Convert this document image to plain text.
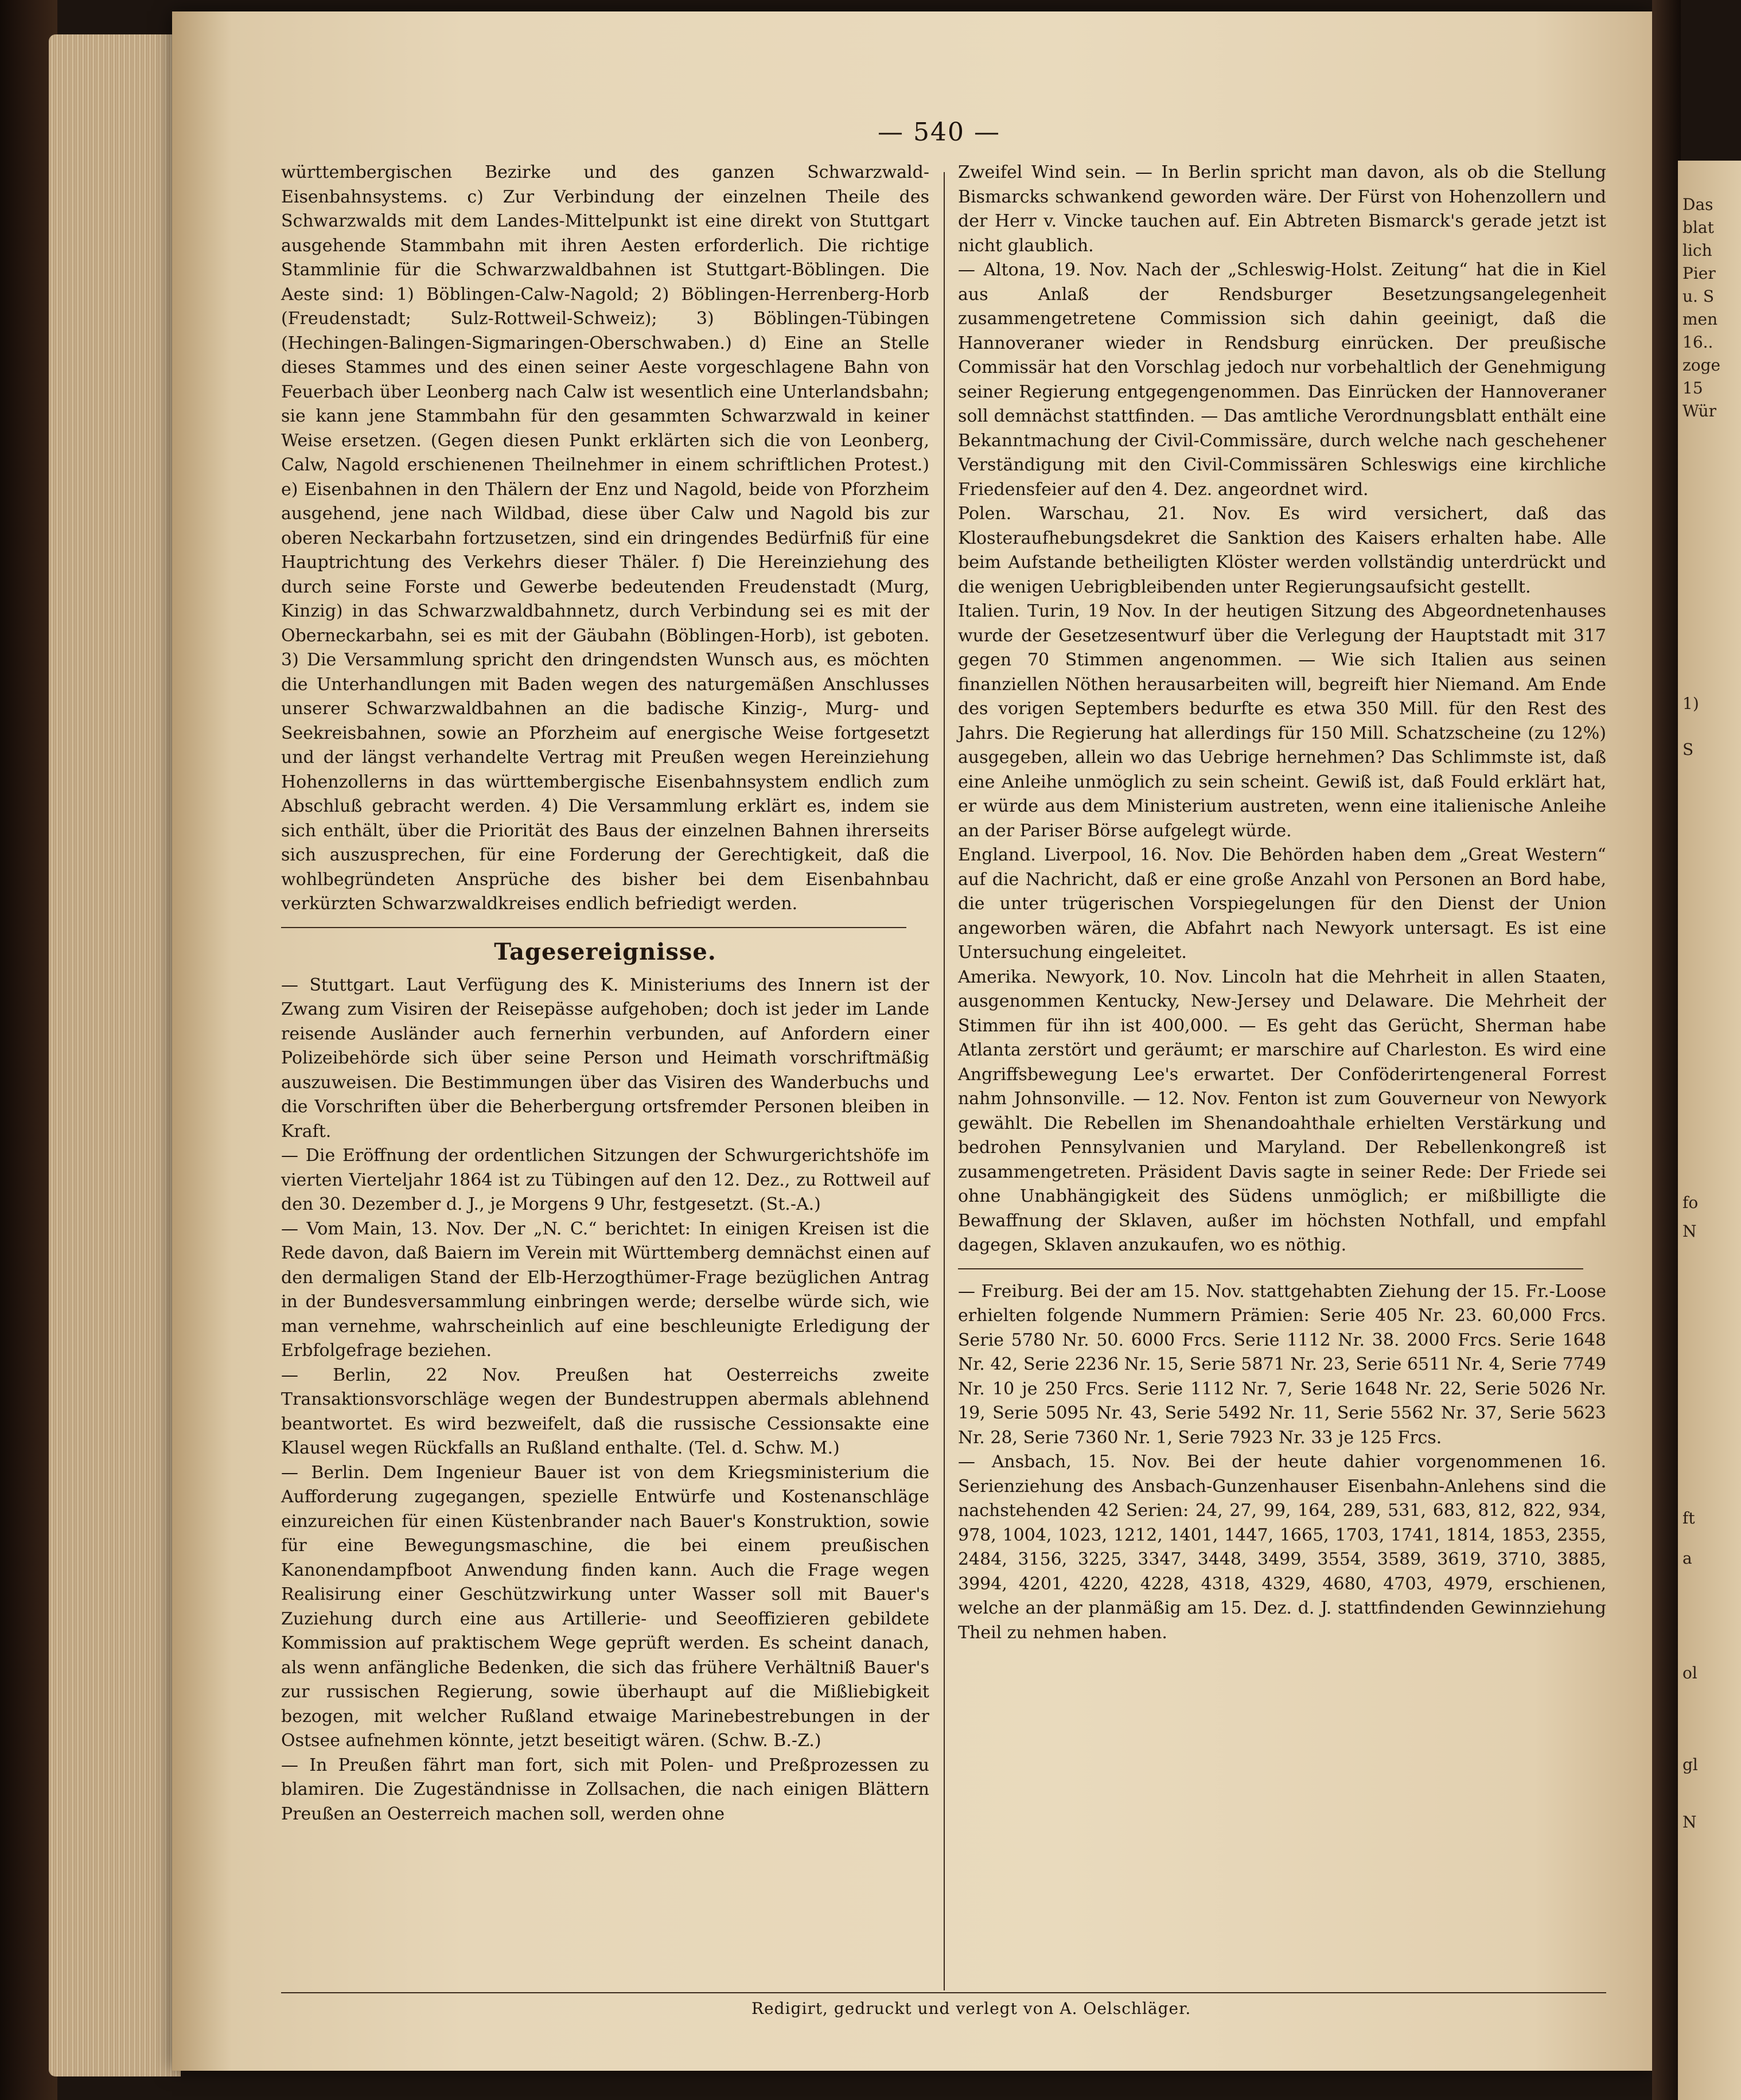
— 540 —

württembergischen Bezirke und des ganzen Schwarzwald-Eisenbahnsystems. c) Zur Verbindung der einzelnen Theile des Schwarzwalds mit dem Landes-Mittelpunkt ist eine direkt von Stuttgart ausgehende Stammbahn mit ihren Aesten erforderlich. Die richtige Stammlinie für die Schwarzwaldbahnen ist Stuttgart-Böblingen. Die Aeste sind: 1) Böblingen-Calw-Nagold; 2) Böblingen-Herrenberg-Horb (Freudenstadt; Sulz-Rottweil-Schweiz); 3) Böblingen-Tübingen (Hechingen-Balingen-Sigmaringen-Oberschwaben.) d) Eine an Stelle dieses Stammes und des einen seiner Aeste vorgeschlagene Bahn von Feuerbach über Leonberg nach Calw ist wesentlich eine Unterlandsbahn; sie kann jene Stammbahn für den gesammten Schwarzwald in keiner Weise ersetzen. (Gegen diesen Punkt erklärten sich die von Leonberg, Calw, Nagold erschienenen Theilnehmer in einem schriftlichen Protest.) e) Eisenbahnen in den Thälern der Enz und Nagold, beide von Pforzheim ausgehend, jene nach Wildbad, diese über Calw und Nagold bis zur oberen Neckarbahn fortzusetzen, sind ein dringendes Bedürfniß für eine Hauptrichtung des Verkehrs dieser Thäler. f) Die Hereinziehung des durch seine Forste und Gewerbe bedeutenden Freudenstadt (Murg, Kinzig) in das Schwarzwaldbahnnetz, durch Verbindung sei es mit der Oberneckarbahn, sei es mit der Gäubahn (Böblingen-Horb), ist geboten. 3) Die Versammlung spricht den dringendsten Wunsch aus, es möchten die Unterhandlungen mit Baden wegen des naturgemäßen Anschlusses unserer Schwarzwaldbahnen an die badische Kinzig-, Murg- und Seekreisbahnen, sowie an Pforzheim auf energische Weise fortgesetzt und der längst verhandelte Vertrag mit Preußen wegen Hereinziehung Hohenzollerns in das württembergische Eisenbahnsystem endlich zum Abschluß gebracht werden. 4) Die Versammlung erklärt es, indem sie sich enthält, über die Priorität des Baus der einzelnen Bahnen ihrerseits sich auszusprechen, für eine Forderung der Gerechtigkeit, daß die wohlbegründeten Ansprüche des bisher bei dem Eisenbahnbau verkürzten Schwarzwaldkreises endlich befriedigt werden.

Tagesereignisse.

— Stuttgart. Laut Verfügung des K. Ministeriums des Innern ist der Zwang zum Visiren der Reisepässe aufgehoben; doch ist jeder im Lande reisende Ausländer auch fernerhin verbunden, auf Anfordern einer Polizeibehörde sich über seine Person und Heimath vorschriftmäßig auszuweisen. Die Bestimmungen über das Visiren des Wanderbuchs und die Vorschriften über die Beherbergung ortsfremder Personen bleiben in Kraft.

— Die Eröffnung der ordentlichen Sitzungen der Schwurgerichtshöfe im vierten Vierteljahr 1864 ist zu Tübingen auf den 12. Dez., zu Rottweil auf den 30. Dezember d. J., je Morgens 9 Uhr, festgesetzt. (St.-A.)

— Vom Main, 13. Nov. Der „N. C.“ berichtet: In einigen Kreisen ist die Rede davon, daß Baiern im Verein mit Württemberg demnächst einen auf den dermaligen Stand der Elb-Herzogthümer-Frage bezüglichen Antrag in der Bundesversammlung einbringen werde; derselbe würde sich, wie man vernehme, wahrscheinlich auf eine beschleunigte Erledigung der Erbfolgefrage beziehen.

— Berlin, 22 Nov. Preußen hat Oesterreichs zweite Transaktionsvorschläge wegen der Bundestruppen abermals ablehnend beantwortet. Es wird bezweifelt, daß die russische Cessionsakte eine Klausel wegen Rückfalls an Rußland enthalte. (Tel. d. Schw. M.)

— Berlin. Dem Ingenieur Bauer ist von dem Kriegsministerium die Aufforderung zugegangen, spezielle Entwürfe und Kostenanschläge einzureichen für einen Küstenbrander nach Bauer's Konstruktion, sowie für eine Bewegungsmaschine, die bei einem preußischen Kanonendampfboot Anwendung finden kann. Auch die Frage wegen Realisirung einer Geschützwirkung unter Wasser soll mit Bauer's Zuziehung durch eine aus Artillerie- und Seeoffizieren gebildete Kommission auf praktischem Wege geprüft werden. Es scheint danach, als wenn anfängliche Bedenken, die sich das frühere Verhältniß Bauer's zur russischen Regierung, sowie überhaupt auf die Mißliebigkeit bezogen, mit welcher Rußland etwaige Marinebestrebungen in der Ostsee aufnehmen könnte, jetzt beseitigt wären. (Schw. B.-Z.)

— In Preußen fährt man fort, sich mit Polen- und Preßprozessen zu blamiren. Die Zugeständnisse in Zollsachen, die nach einigen Blättern Preußen an Oesterreich machen soll, werden ohne

Zweifel Wind sein. — In Berlin spricht man davon, als ob die Stellung Bismarcks schwankend geworden wäre. Der Fürst von Hohenzollern und der Herr v. Vincke tauchen auf. Ein Abtreten Bismarck's gerade jetzt ist nicht glaublich.

— Altona, 19. Nov. Nach der „Schleswig-Holst. Zeitung“ hat die in Kiel aus Anlaß der Rendsburger Besetzungsangelegenheit zusammengetretene Commission sich dahin geeinigt, daß die Hannoveraner wieder in Rendsburg einrücken. Der preußische Commissär hat den Vorschlag jedoch nur vorbehaltlich der Genehmigung seiner Regierung entgegengenommen. Das Einrücken der Hannoveraner soll demnächst stattfinden. — Das amtliche Verordnungsblatt enthält eine Bekanntmachung der Civil-Commissäre, durch welche nach geschehener Verständigung mit den Civil-Commissären Schleswigs eine kirchliche Friedensfeier auf den 4. Dez. angeordnet wird.

Polen. Warschau, 21. Nov. Es wird versichert, daß das Klosteraufhebungsdekret die Sanktion des Kaisers erhalten habe. Alle beim Aufstande betheiligten Klöster werden vollständig unterdrückt und die wenigen Uebrigbleibenden unter Regierungsaufsicht gestellt.

Italien. Turin, 19 Nov. In der heutigen Sitzung des Abgeordnetenhauses wurde der Gesetzesentwurf über die Verlegung der Hauptstadt mit 317 gegen 70 Stimmen angenommen. — Wie sich Italien aus seinen finanziellen Nöthen herausarbeiten will, begreift hier Niemand. Am Ende des vorigen Septembers bedurfte es etwa 350 Mill. für den Rest des Jahrs. Die Regierung hat allerdings für 150 Mill. Schatzscheine (zu 12%) ausgegeben, allein wo das Uebrige hernehmen? Das Schlimmste ist, daß eine Anleihe unmöglich zu sein scheint. Gewiß ist, daß Fould erklärt hat, er würde aus dem Ministerium austreten, wenn eine italienische Anleihe an der Pariser Börse aufgelegt würde.

England. Liverpool, 16. Nov. Die Behörden haben dem „Great Western“ auf die Nachricht, daß er eine große Anzahl von Personen an Bord habe, die unter trügerischen Vorspiegelungen für den Dienst der Union angeworben wären, die Abfahrt nach Newyork untersagt. Es ist eine Untersuchung eingeleitet.

Amerika. Newyork, 10. Nov. Lincoln hat die Mehrheit in allen Staaten, ausgenommen Kentucky, New-Jersey und Delaware. Die Mehrheit der Stimmen für ihn ist 400,000. — Es geht das Gerücht, Sherman habe Atlanta zerstört und geräumt; er marschire auf Charleston. Es wird eine Angriffsbewegung Lee's erwartet. Der Conföderirtengeneral Forrest nahm Johnsonville. — 12. Nov. Fenton ist zum Gouverneur von Newyork gewählt. Die Rebellen im Shenandoahthale erhielten Verstärkung und bedrohen Pennsylvanien und Maryland. Der Rebellenkongreß ist zusammengetreten. Präsident Davis sagte in seiner Rede: Der Friede sei ohne Unabhängigkeit des Südens unmöglich; er mißbilligte die Bewaffnung der Sklaven, außer im höchsten Nothfall, und empfahl dagegen, Sklaven anzukaufen, wo es nöthig.

— Freiburg. Bei der am 15. Nov. stattgehabten Ziehung der 15. Fr.-Loose erhielten folgende Nummern Prämien: Serie 405 Nr. 23. 60,000 Frcs. Serie 5780 Nr. 50. 6000 Frcs. Serie 1112 Nr. 38. 2000 Frcs. Serie 1648 Nr. 42, Serie 2236 Nr. 15, Serie 5871 Nr. 23, Serie 6511 Nr. 4, Serie 7749 Nr. 10 je 250 Frcs. Serie 1112 Nr. 7, Serie 1648 Nr. 22, Serie 5026 Nr. 19, Serie 5095 Nr. 43, Serie 5492 Nr. 11, Serie 5562 Nr. 37, Serie 5623 Nr. 28, Serie 7360 Nr. 1, Serie 7923 Nr. 33 je 125 Frcs.

— Ansbach, 15. Nov. Bei der heute dahier vorgenommenen 16. Serienziehung des Ansbach-Gunzenhauser Eisenbahn-Anlehens sind die nachstehenden 42 Serien: 24, 27, 99, 164, 289, 531, 683, 812, 822, 934, 978, 1004, 1023, 1212, 1401, 1447, 1665, 1703, 1741, 1814, 1853, 2355, 2484, 3156, 3225, 3347, 3448, 3499, 3554, 3589, 3619, 3710, 3885, 3994, 4201, 4220, 4228, 4318, 4329, 4680, 4703, 4979, erschienen, welche an der planmäßig am 15. Dez. d. J. stattfindenden Gewinnziehung Theil zu nehmen haben.

Redigirt, gedruckt und verlegt von A. Oelschläger.
Das
blat
lich
Pier
u. S
men
16..
zoge
15
Wür
1)
S
fo
N
ft
a
ol
gl
N
